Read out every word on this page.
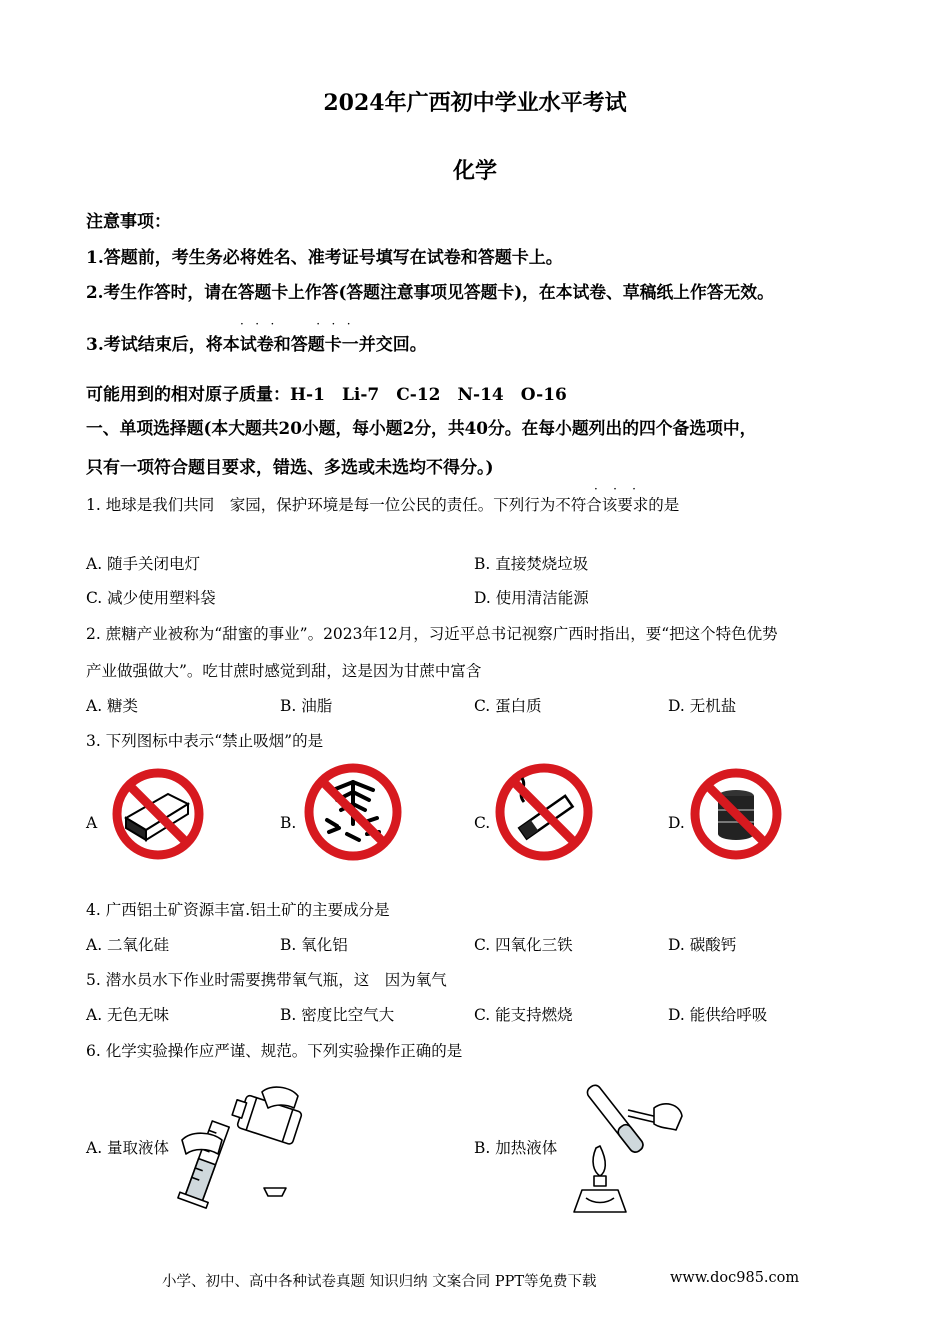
2024年广西初中学业水平考试
化学
注意事项：
1.答题前，考生务必将姓名、准考证号填写在试卷和答题卡上。
2.考生作答时，请在答题卡上作答(答题注意事项见答题卡)，在本试卷、草稿纸上作答无效。
·   ·   ·           ·   ·   ·
3.考试结束后，将本试卷和答题卡一并交回。
可能用到的相对原子质量：H-1　Li-7　C-12　N-14　O-16
一、单项选择题(本大题共20小题，每小题2分，共40分。在每小题列出的四个备选项中，
只有一项符合题目要求，错选、多选或未选均不得分。)
·    ·    ·
1. 地球是我们共同　家园，保护环境是每一位公民的责任。下列行为不符合该要求的是
A. 随手关闭电灯	B. 直接焚烧垃圾
C. 减少使用塑料袋	D. 使用清洁能源
2. 蔗糖产业被称为“甜蜜的事业”。2023年12月，习近平总书记视察广西时指出，要“把这个特色优势
产业做强做大”。吃甘蔗时感觉到甜，这是因为甘蔗中富含
A. 糖类	B. 油脂	C. 蛋白质	D. 无机盐
3. 下列图标中表示“禁止吸烟”的是
A	B.	C.	D.
4. 广西铝土矿资源丰富.铝土矿的主要成分是
A. 二氧化硅	B. 氧化铝	C. 四氧化三铁	D. 碳酸钙
5. 潜水员水下作业时需要携带氧气瓶，这　因为氧气
A. 无色无味	B. 密度比空气大	C. 能支持燃烧	D. 能供给呼吸
6. 化学实验操作应严谨、规范。下列实验操作正确的是
A. 量取液体	B. 加热液体
小学、初中、高中各种试卷真题 知识归纳 文案合同 PPT等免费下载	www.doc985.com
